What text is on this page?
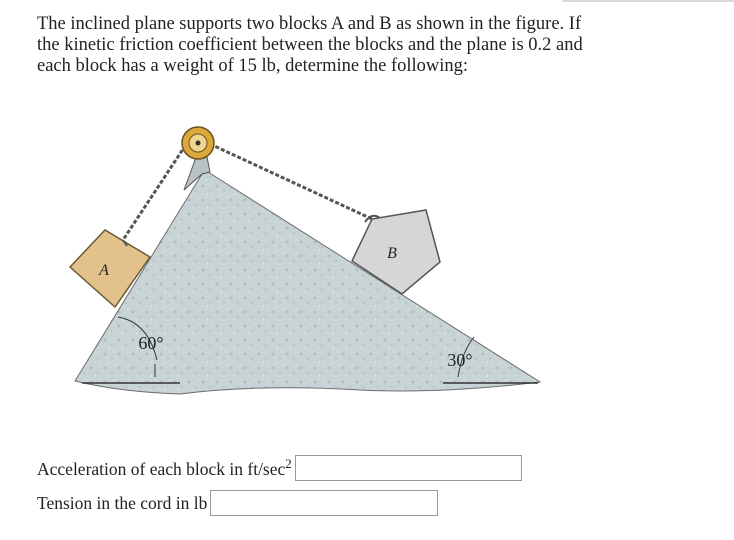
The inclined plane supports two blocks A and B as shown in the figure. If the kinetic friction coefficient between the blocks and the plane is 0.2 and each block has a weight of 15 lb, determine the following:

A
B
60°
30°
Acceleration of each block in $ft/\sec^2$
Tension in the cord in lb
